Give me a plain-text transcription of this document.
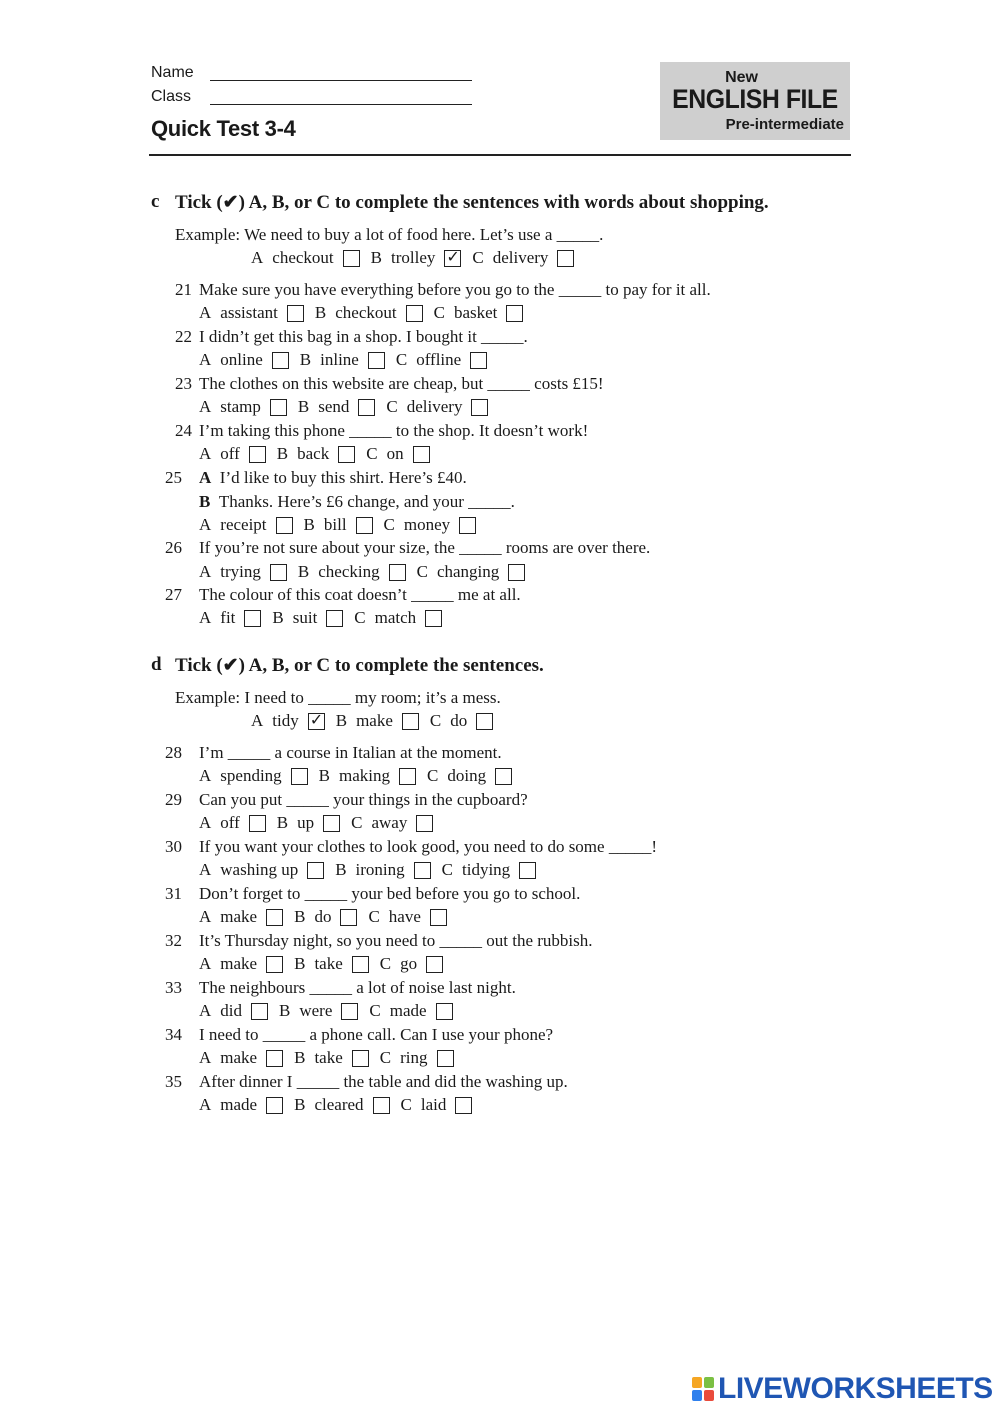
Name
Class
Quick Test 3-4
New
ENGLISH FILE
Pre-intermediate
c Tick (✔) A, B, or C to complete the sentences with words about shopping.
Example: We need to buy a lot of food here. Let’s use a _____.
A checkout B trolley ✓ C delivery
21 Make sure you have everything before you go to the _____ to pay for it all.
A assistant B checkout C basket
22 I didn’t get this bag in a shop. I bought it _____.
A online B inline C offline
23 The clothes on this website are cheap, but _____ costs £15!
A stamp B send C delivery
24 I’m taking this phone _____ to the shop. It doesn’t work!
A off B back C on
25 A I’d like to buy this shirt. Here’s £40.
B Thanks. Here’s £6 change, and your _____.
A receipt B bill C money
26 If you’re not sure about your size, the _____ rooms are over there.
A trying B checking C changing
27 The colour of this coat doesn’t _____ me at all.
A fit B suit C match
d Tick (✔) A, B, or C to complete the sentences.
Example: I need to _____ my room; it’s a mess.
A tidy ✓ B make C do
28 I’m _____ a course in Italian at the moment.
A spending B making C doing
29 Can you put _____ your things in the cupboard?
A off B up C away
30 If you want your clothes to look good, you need to do some _____!
A washing up B ironing C tidying
31 Don’t forget to _____ your bed before you go to school.
A make B do C have
32 It’s Thursday night, so you need to _____ out the rubbish.
A make B take C go
33 The neighbours _____ a lot of noise last night.
A did B were C made
34 I need to _____ a phone call. Can I use your phone?
A make B take C ring
35 After dinner I _____ the table and did the washing up.
A made B cleared C laid
LIVEWORKSHEETS
